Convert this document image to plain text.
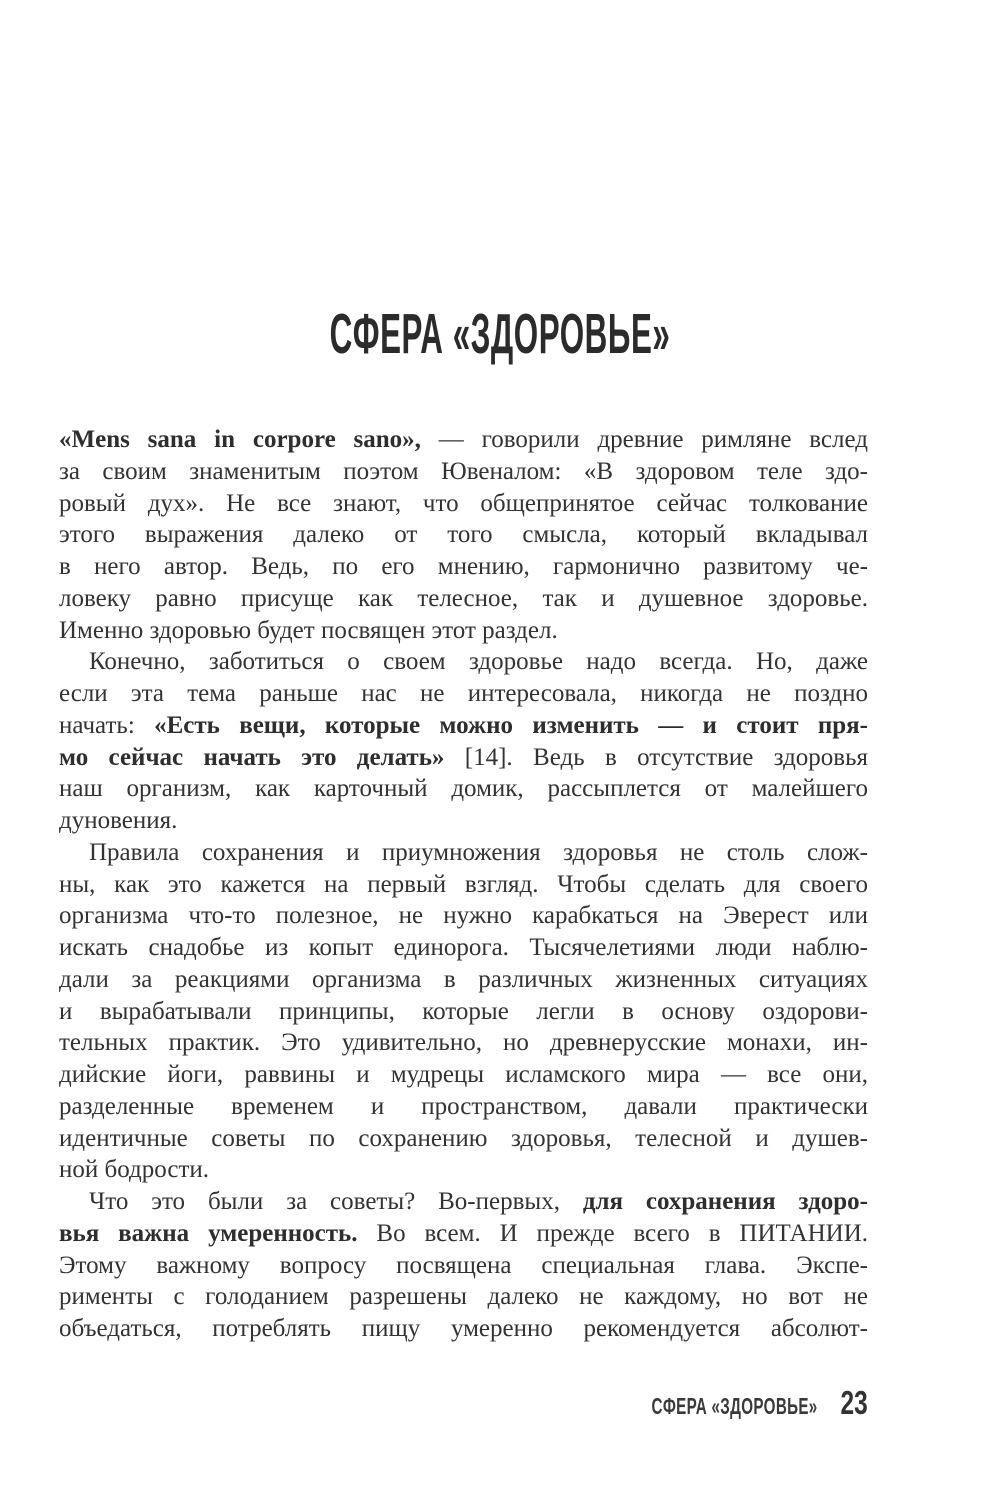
СФЕРА «ЗДОРОВЬЕ»
«Mens sana in corpore sano», — говорили древние римляне вслед
за своим знаменитым поэтом Ювеналом: «В здоровом теле здо-
ровый дух». Не все знают, что общепринятое сейчас толкование
этого выражения далеко от того смысла, который вкладывал
в него автор. Ведь, по его мнению, гармонично развитому че-
ловеку равно присуще как телесное, так и душевное здоровье.
Именно здоровью будет посвящен этот раздел.
Конечно, заботиться о своем здоровье надо всегда. Но, даже
если эта тема раньше нас не интересовала, никогда не поздно
начать: «Есть вещи, которые можно изменить — и стоит пря-
мо сейчас начать это делать» [14]. Ведь в отсутствие здоровья
наш организм, как карточный домик, рассыплется от малейшего
дуновения.
Правила сохранения и приумножения здоровья не столь слож-
ны, как это кажется на первый взгляд. Чтобы сделать для своего
организма что-то полезное, не нужно карабкаться на Эверест или
искать снадобье из копыт единорога. Тысячелетиями люди наблю-
дали за реакциями организма в различных жизненных ситуациях
и вырабатывали принципы, которые легли в основу оздорови-
тельных практик. Это удивительно, но древнерусские монахи, ин-
дийские йоги, раввины и мудрецы исламского мира — все они,
разделенные временем и пространством, давали практически
идентичные советы по сохранению здоровья, телесной и душев-
ной бодрости.
Что это были за советы? Во-первых, для сохранения здоро-
вья важна умеренность. Во всем. И прежде всего в ПИТАНИИ.
Этому важному вопросу посвящена специальная глава. Экспе-
рименты с голоданием разрешены далеко не каждому, но вот не
объедаться, потреблять пищу умеренно рекомендуется абсолют-
СФЕРА «ЗДОРОВЬЕ» 23
